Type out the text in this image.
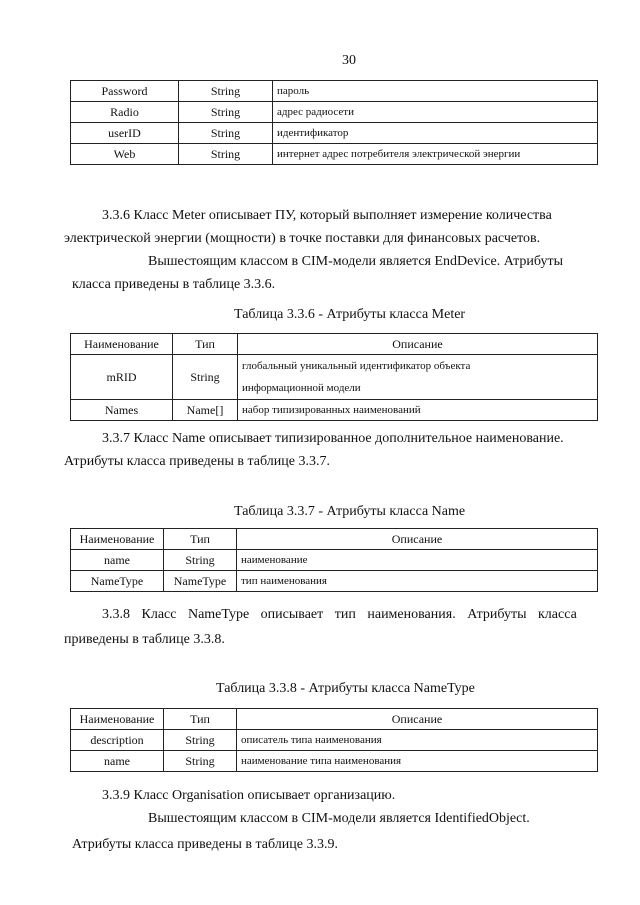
30
Password	String	пароль
Radio	String	адрес радиосети
userID	String	идентификатор
Web	String	интернет адрес потребителя электрической энергии
3.3.6 Класс Meter описывает ПУ, который выполняет измерение количества
электрической энергии (мощности) в точке поставки для финансовых расчетов.
Вышестоящим классом в CIM-модели является EndDevice. Атрибуты
класса приведены в таблице 3.3.6.
Таблица 3.3.6 - Атрибуты класса Meter
Наименование	Тип	Описание
mRID	String	глобальный уникальный идентификатор объекта
информационной модели
Names	Name[]	набор типизированных наименований
3.3.7 Класс Name описывает типизированное дополнительное наименование.
Атрибуты класса приведены в таблице 3.3.7.
Таблица 3.3.7 - Атрибуты класса Name
Наименование	Тип	Описание
name	String	наименование
NameType	NameType	тип наименования
3.3.8 Класс NameType описывает тип наименования. Атрибуты класса
приведены в таблице 3.3.8.
Таблица 3.3.8 - Атрибуты класса NameType
Наименование	Тип	Описание
description	String	описатель типа наименования
name	String	наименование типа наименования
3.3.9 Класс Organisation описывает организацию.
Вышестоящим классом в CIM-модели является IdentifiedObject.
Атрибуты класса приведены в таблице 3.3.9.
